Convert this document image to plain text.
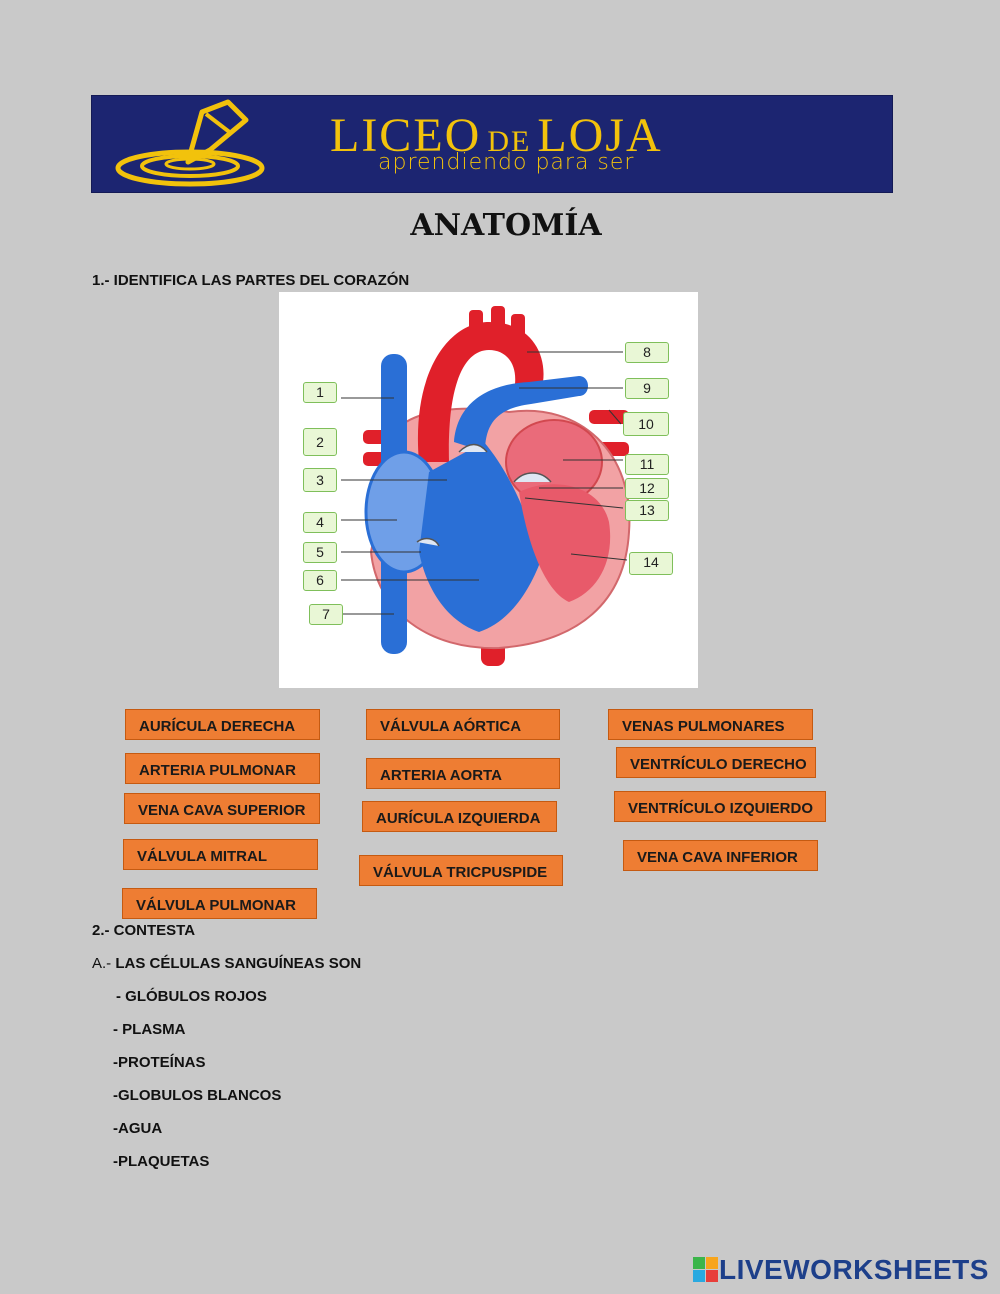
LICEO DE LOJA
aprendiendo para ser
ANATOMÍA
1.- IDENTIFICA LAS PARTES DEL CORAZÓN
1
2
3
4
5
6
7
8
9
10
11
12
13
14
AURÍCULA DERECHA	VÁLVULA AÓRTICA	VENAS PULMONARES
ARTERIA PULMONAR	ARTERIA AORTA
VENTRÍCULO DERECHO
VENA CAVA SUPERIOR	AURÍCULA IZQUIERDA
VENTRÍCULO IZQUIERDO
VÁLVULA MITRAL
VÁLVULA TRICPUSPIDE
VENA CAVA INFERIOR
VÁLVULA PULMONAR
2.- CONTESTA
A.- LAS CÉLULAS SANGUÍNEAS SON
- GLÓBULOS ROJOS
- PLASMA
-PROTEÍNAS
-GLOBULOS BLANCOS
-AGUA
-PLAQUETAS
LIVEWORKSHEETS
